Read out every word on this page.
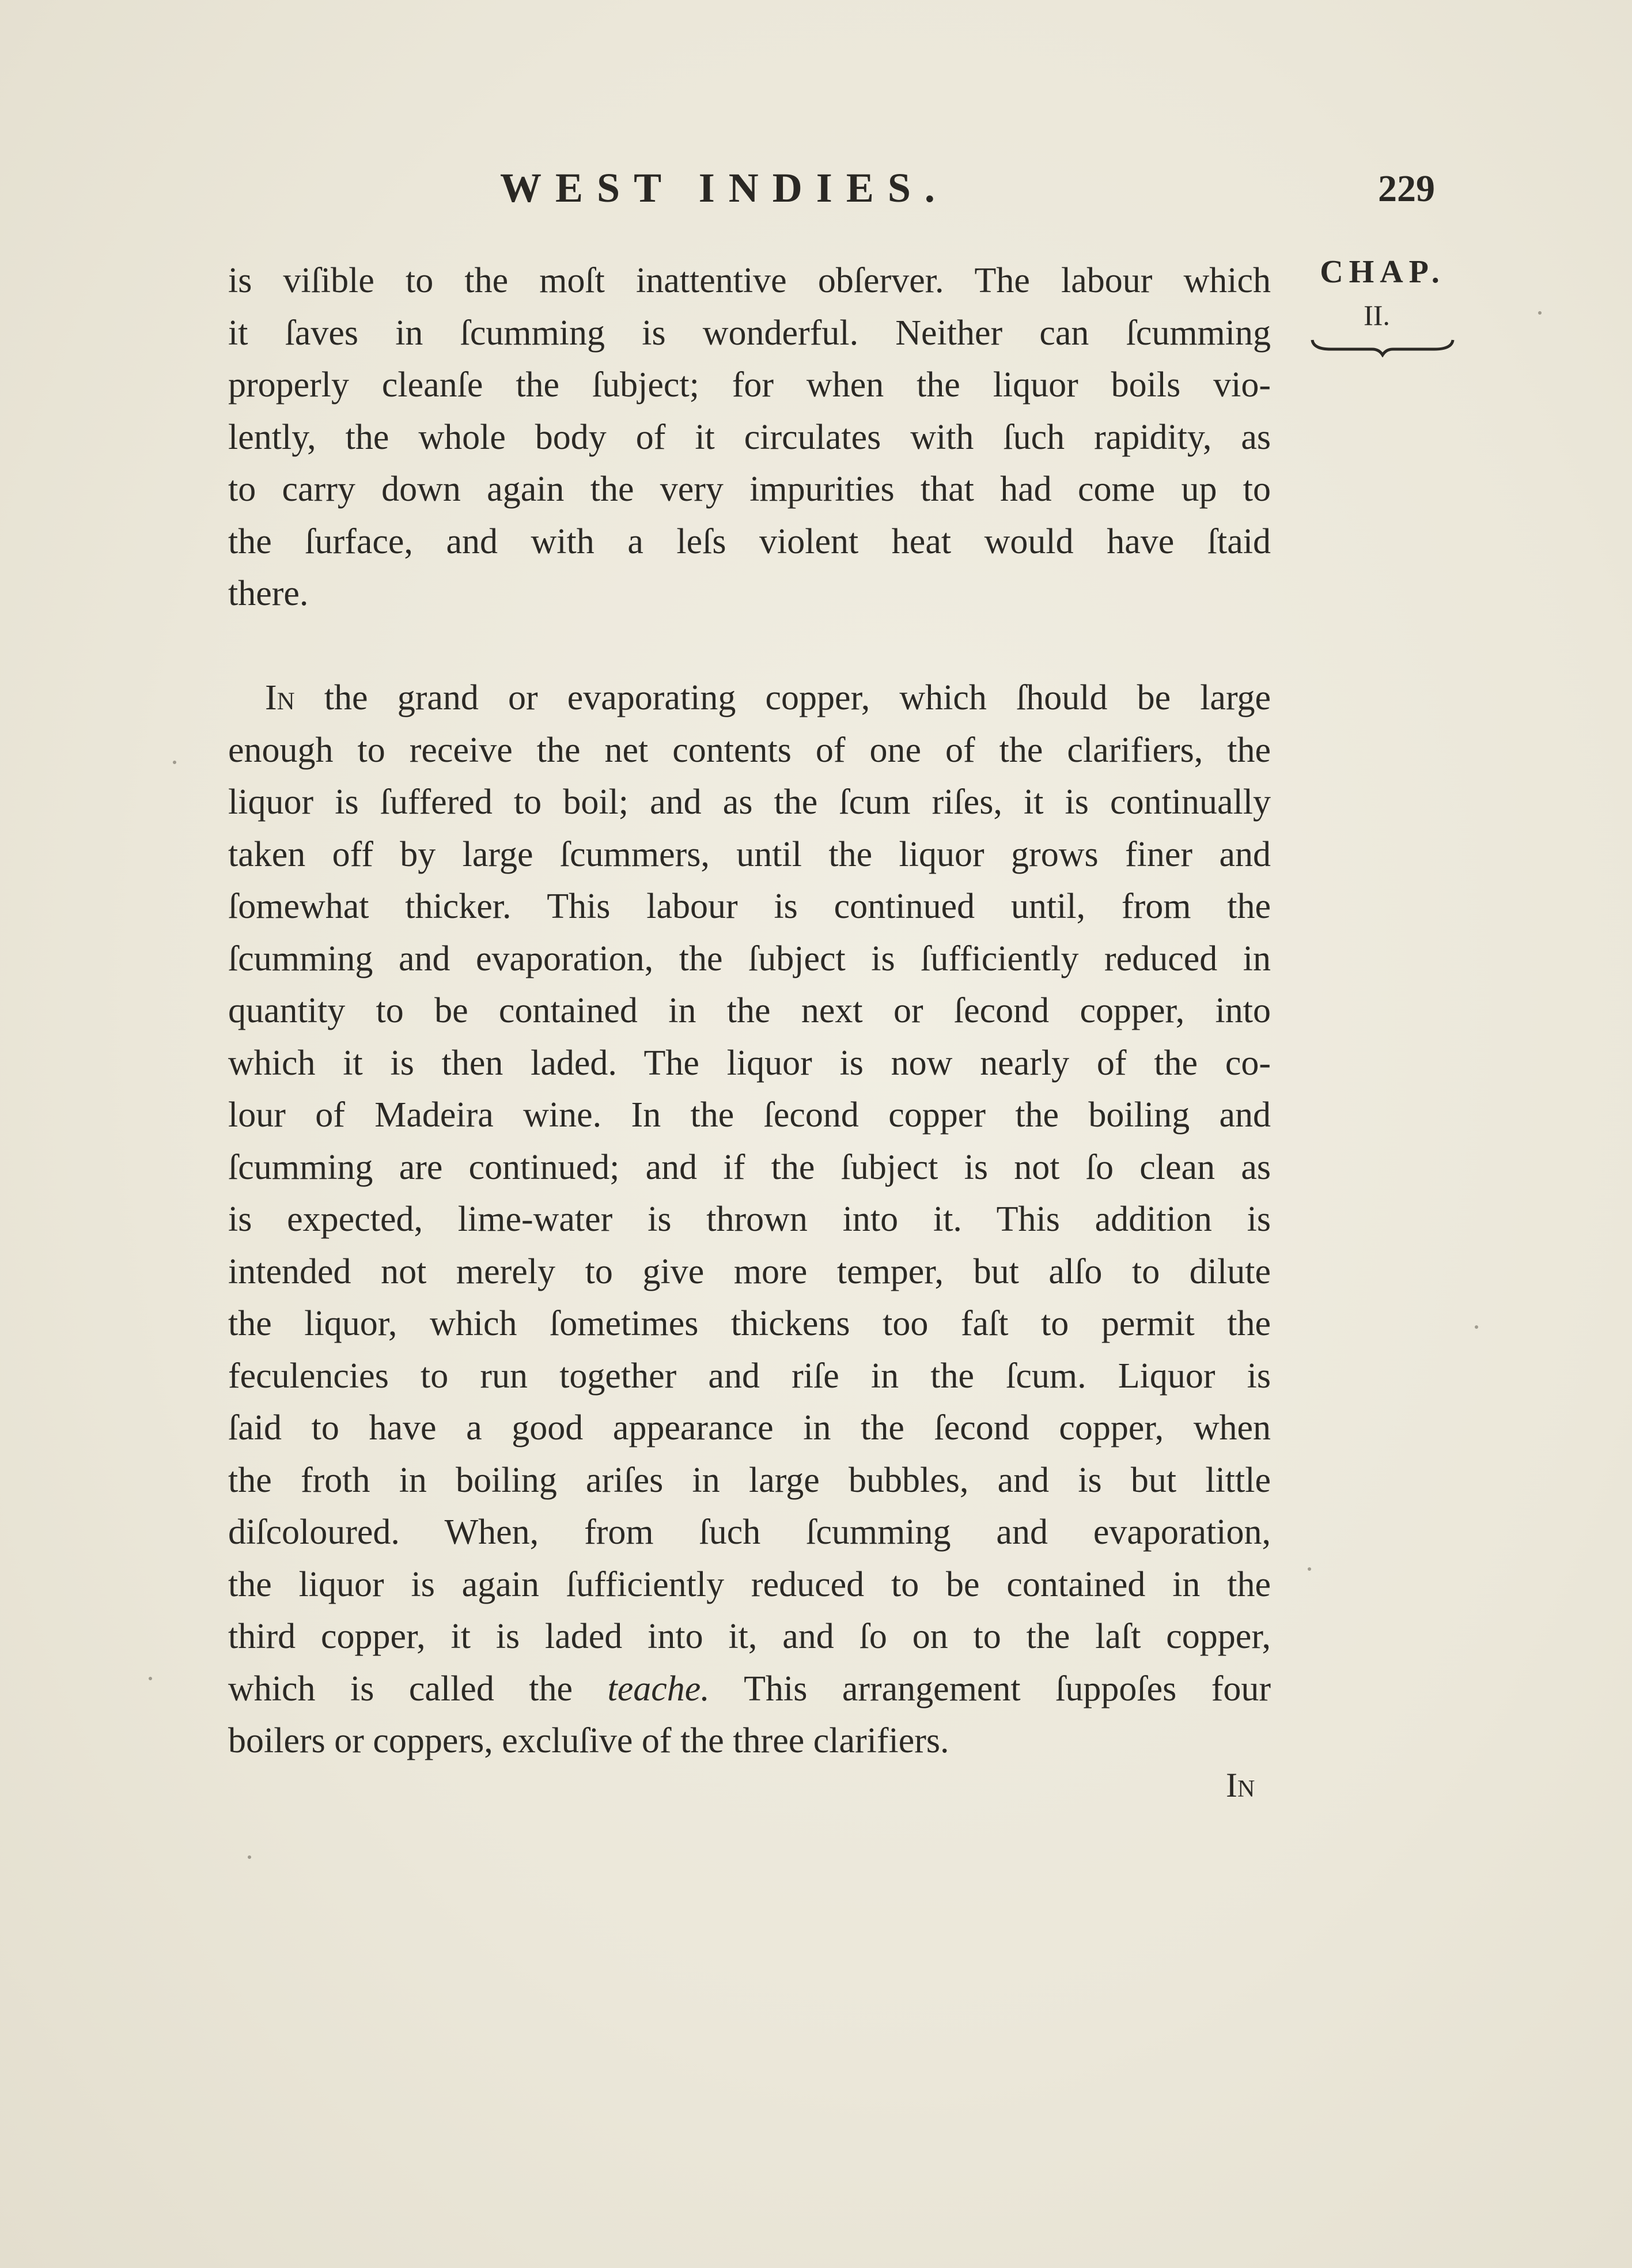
WEST INDIES.	229
CHAP.
II.
is viſible to the moſt inattentive obſerver. The labour which
it ſaves in ſcumming is wonderful. Neither can ſcumming
properly cleanſe the ſubject; for when the liquor boils vio-
lently, the whole body of it circulates with ſuch rapidity, as
to carry down again the very impurities that had come up to
the ſurface, and with a leſs violent heat would have ſtaid
there.
In the grand or evaporating copper, which ſhould be large
enough to receive the net contents of one of the clarifiers, the
liquor is ſuffered to boil; and as the ſcum riſes, it is continually
taken off by large ſcummers, until the liquor grows finer and
ſomewhat thicker. This labour is continued until, from the
ſcumming and evaporation, the ſubject is ſufficiently reduced in
quantity to be contained in the next or ſecond copper, into
which it is then laded. The liquor is now nearly of the co-
lour of Madeira wine. In the ſecond copper the boiling and
ſcumming are continued; and if the ſubject is not ſo clean as
is expected, lime-water is thrown into it. This addition is
intended not merely to give more temper, but alſo to dilute
the liquor, which ſometimes thickens too faſt to permit the
feculencies to run together and riſe in the ſcum. Liquor is
ſaid to have a good appearance in the ſecond copper, when
the froth in boiling ariſes in large bubbles, and is but little
diſcoloured. When, from ſuch ſcumming and evaporation,
the liquor is again ſufficiently reduced to be contained in the
third copper, it is laded into it, and ſo on to the laſt copper,
which is called the teache. This arrangement ſuppoſes four
boilers or coppers, excluſive of the three clarifiers.
In
